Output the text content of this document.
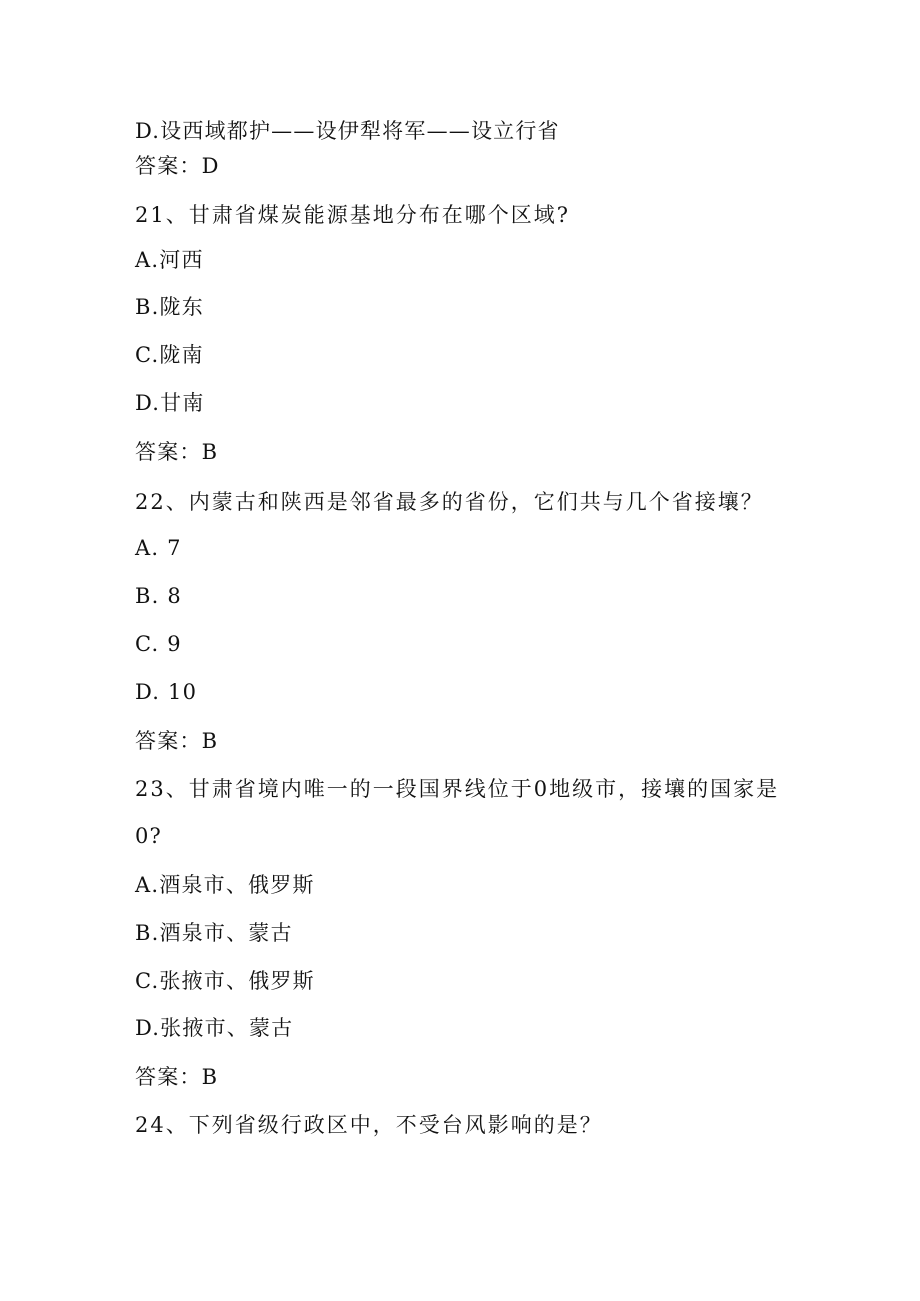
D.设西域都护——设伊犁将军——设立行省
答案：D
21、甘肃省煤炭能源基地分布在哪个区域?
A.河西
B.陇东
C.陇南
D.甘南
答案：B
22、内蒙古和陕西是邻省最多的省份，它们共与几个省接壤？
A. 7
B. 8
C. 9
D. 10
答案：B
23、甘肃省境内唯一的一段国界线位于0地级市，接壤的国家是
0?
A.酒泉市、俄罗斯
B.酒泉市、蒙古
C.张掖市、俄罗斯
D.张掖市、蒙古
答案：B
24、下列省级行政区中，不受台风影响的是？
